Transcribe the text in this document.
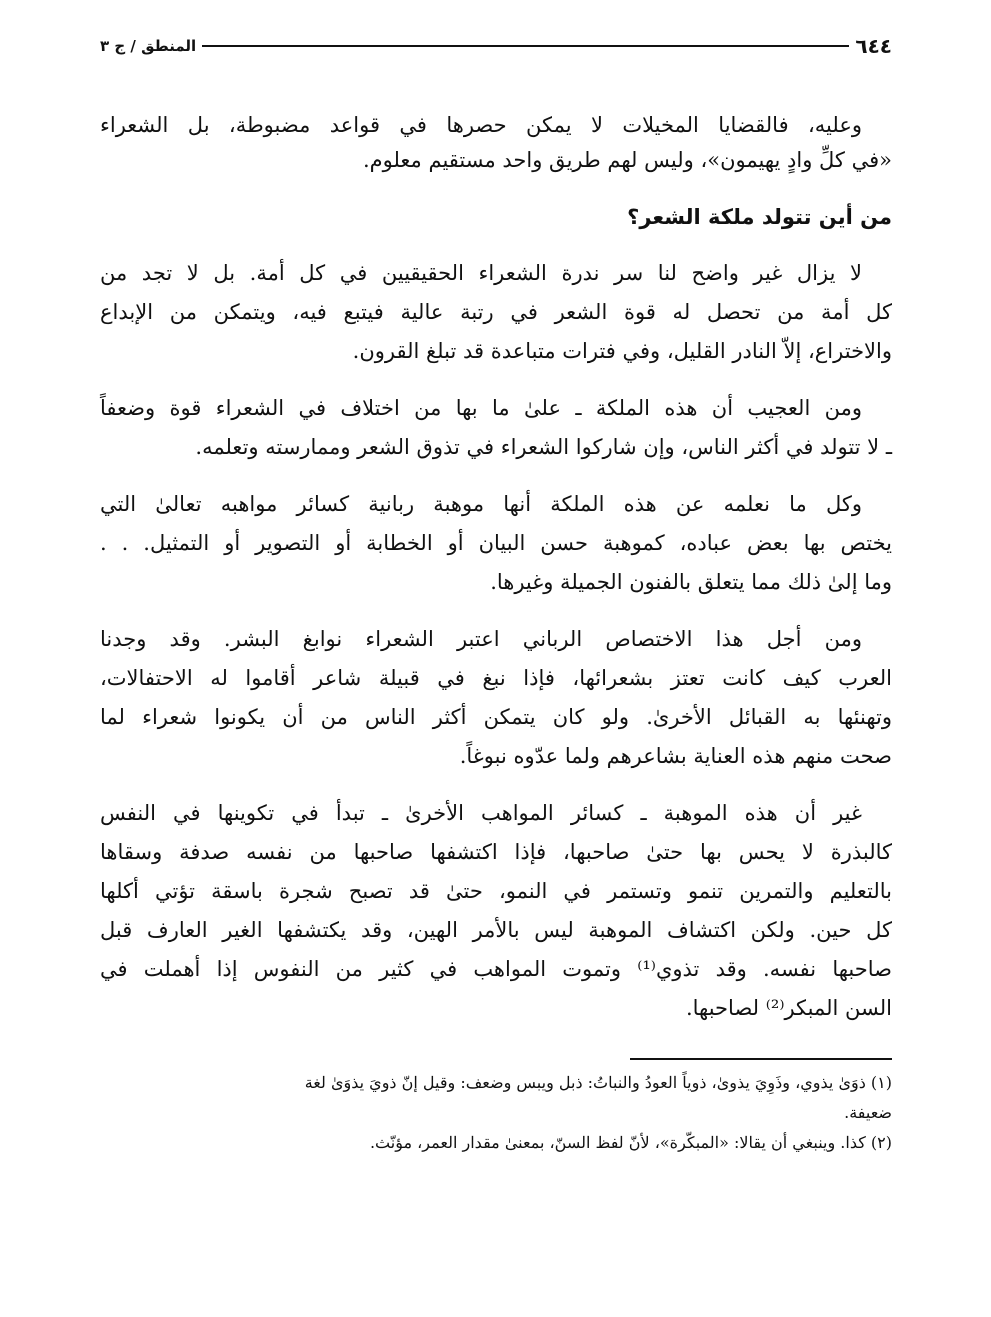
٦٤٤
المنطق / ج ٣
وعليه، فالقضايا المخيلات لا يمكن حصرها في قواعد مضبوطة، بل الشعراء
«في كلِّ وادٍ يهيمون»، وليس لهم طريق واحد مستقيم معلوم.
من أين تتولد ملكة الشعر؟
لا يزال غير واضح لنا سر ندرة الشعراء الحقيقيين في كل أمة. بل لا تجد من
كل أمة من تحصل له قوة الشعر في رتبة عالية فيتبع فيه، ويتمكن من الإبداع
والاختراع، إلاّ النادر القليل، وفي فترات متباعدة قد تبلغ القرون.
ومن العجيب أن هذه الملكة ـ علىٰ ما بها من اختلاف في الشعراء قوة وضعفاً
ـ لا تتولد في أكثر الناس، وإن شاركوا الشعراء في تذوق الشعر وممارسته وتعلمه.
وكل ما نعلمه عن هذه الملكة أنها موهبة ربانية كسائر مواهبه تعالىٰ التي
يختص بها بعض عباده، كموهبة حسن البيان أو الخطابة أو التصوير أو التمثيل. . .
وما إلىٰ ذلك مما يتعلق بالفنون الجميلة وغيرها.
ومن أجل هذا الاختصاص الرباني اعتبر الشعراء نوابغ البشر. وقد وجدنا
العرب كيف كانت تعتز بشعرائها، فإذا نبغ في قبيلة شاعر أقاموا له الاحتفالات،
وتهنئها به القبائل الأخرىٰ. ولو كان يتمكن أكثر الناس من أن يكونوا شعراء لما
صحت منهم هذه العناية بشاعرهم ولما عدّوه نبوغاً.
غير أن هذه الموهبة ـ كسائر المواهب الأخرىٰ ـ تبدأ في تكوينها في النفس
كالبذرة لا يحس بها حتىٰ صاحبها، فإذا اكتشفها صاحبها من نفسه صدفة وسقاها
بالتعليم والتمرين تنمو وتستمر في النمو، حتىٰ قد تصبح شجرة باسقة تؤتي أكلها
كل حين. ولكن اكتشاف الموهبة ليس بالأمر الهين، وقد يكتشفها الغير العارف قبل
صاحبها نفسه. وقد تذوي⁽¹⁾ وتموت المواهب في كثير من النفوس إذا أهملت في
السن المبكر⁽²⁾ لصاحبها.
(١) ذوَىٰ يذوي، وذَوِيَ يذوىٰ، ذوياً العودُ والنباتُ: ذبل ويبس وضعف: وقيل إنّ ذويَ يذوَىٰ لغة
ضعيفة.
(٢) كذا. وينبغي أن يقالا: «المبكّرة»، لأنّ لفظ السنّ، بمعنىٰ مقدار العمر، مؤنّث.
